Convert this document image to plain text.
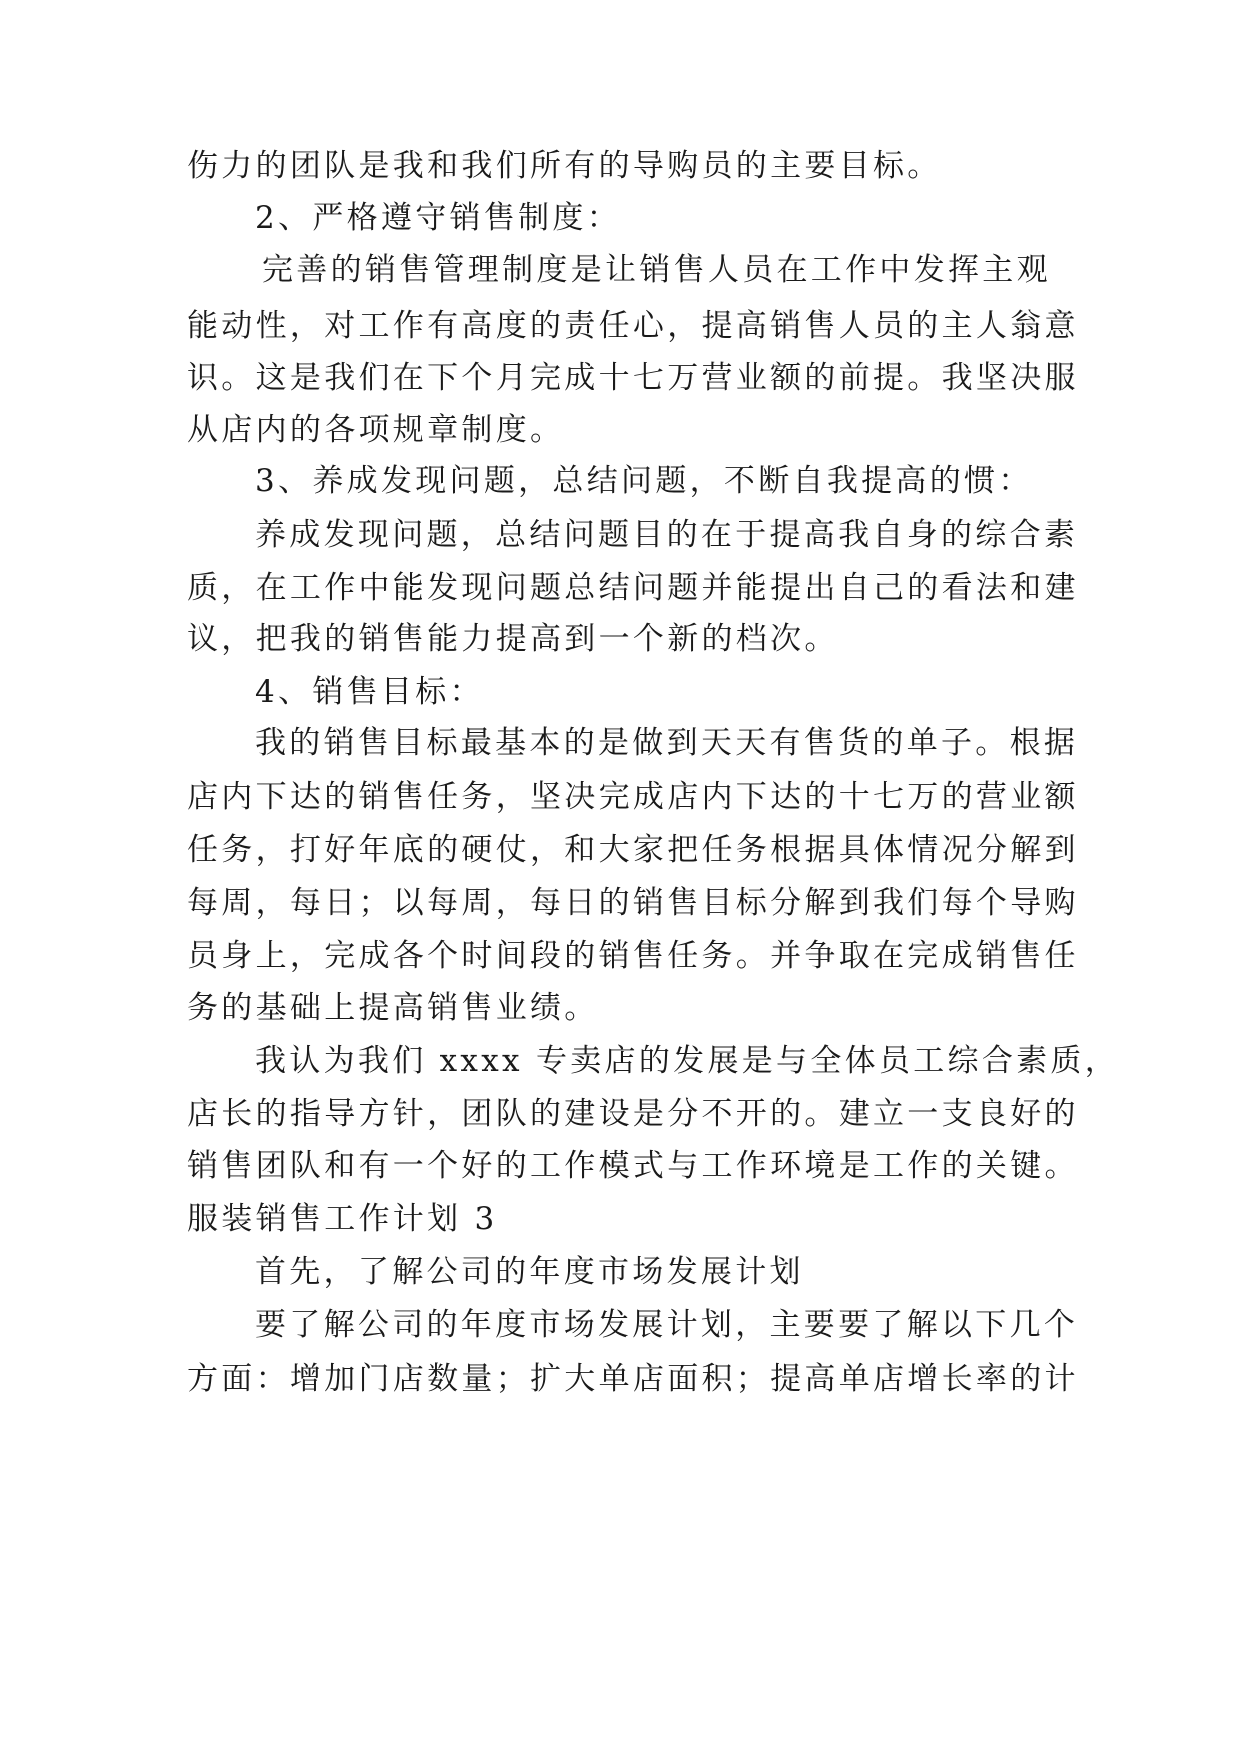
伤力的团队是我和我们所有的导购员的主要目标。
2、严格遵守销售制度：
完善的销售管理制度是让销售人员在工作中发挥主观
能动性，对工作有高度的责任心，提高销售人员的主人翁意
识。这是我们在下个月完成十七万营业额的前提。我坚决服
从店内的各项规章制度。
3、养成发现问题，总结问题，不断自我提高的惯：
养成发现问题，总结问题目的在于提高我自身的综合素
质，在工作中能发现问题总结问题并能提出自己的看法和建
议，把我的销售能力提高到一个新的档次。
4、销售目标：
我的销售目标最基本的是做到天天有售货的单子。根据
店内下达的销售任务，坚决完成店内下达的十七万的营业额
任务，打好年底的硬仗，和大家把任务根据具体情况分解到
每周，每日；以每周，每日的销售目标分解到我们每个导购
员身上，完成各个时间段的销售任务。并争取在完成销售任
务的基础上提高销售业绩。
我认为我们 xxxx 专卖店的发展是与全体员工综合素质，
店长的指导方针，团队的建设是分不开的。建立一支良好的
销售团队和有一个好的工作模式与工作环境是工作的关键。
服装销售工作计划 3
首先，了解公司的年度市场发展计划
要了解公司的年度市场发展计划，主要要了解以下几个
方面：增加门店数量；扩大单店面积；提高单店增长率的计
